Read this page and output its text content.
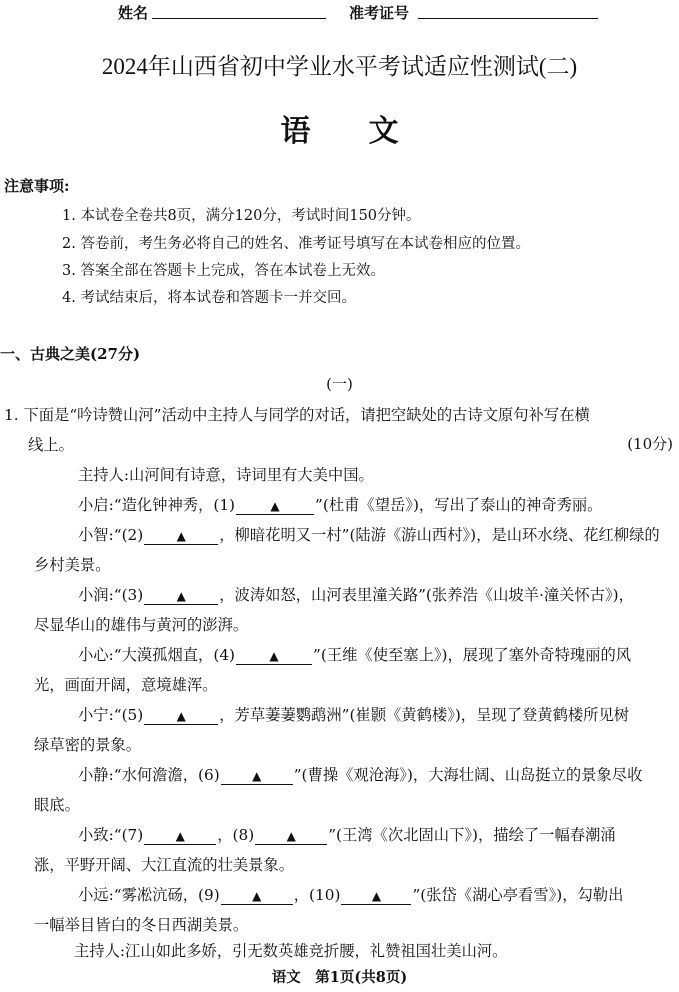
姓名	准考证号
2024年山西省初中学业水平考试适应性测试(二)
语文
注意事项:
1. 本试卷全卷共8页，满分120分，考试时间150分钟。
2. 答卷前，考生务必将自己的姓名、准考证号填写在本试卷相应的位置。
3. 答案全部在答题卡上完成，答在本试卷上无效。
4. 考试结束后，将本试卷和答题卡一并交回。
一、古典之美(27分)
(一)
1. 下面是“吟诗赞山河”活动中主持人与同学的对话，请把空缺处的古诗文原句补写在横
线上。	(10分)
主持人:山河间有诗意，诗词里有大美中国。
小启:“造化钟神秀，(1)	▲ ”(杜甫《望岳》)，写出了泰山的神奇秀丽。
小智:“(2)	▲ ，柳暗花明又一村”(陆游《游山西村》)，是山环水绕、花红柳绿的
乡村美景。
小润:“(3)	▲ ，波涛如怒，山河表里潼关路”(张养浩《山坡羊·潼关怀古》)，
尽显华山的雄伟与黄河的澎湃。
小心:“大漠孤烟直，(4)	▲ ”(王维《使至塞上》)，展现了塞外奇特瑰丽的风
光，画面开阔，意境雄浑。
小宁:“(5)	▲ ，芳草萋萋鹦鹉洲”(崔颢《黄鹤楼》)，呈现了登黄鹤楼所见树
绿草密的景象。
小静:“水何澹澹，(6)	▲ ”(曹操《观沧海》)，大海壮阔、山岛挺立的景象尽收
眼底。
小致:“(7)	▲ ，(8)	▲ ”(王湾《次北固山下》)，描绘了一幅春潮涌
涨，平野开阔、大江直流的壮美景象。
小远:“雾凇沆砀，(9)	▲ ，(10)	▲ ”(张岱《湖心亭看雪》)，勾勒出
一幅举目皆白的冬日西湖美景。
主持人:江山如此多娇，引无数英雄竞折腰，礼赞祖国壮美山河。
语文　第1页(共8页)
